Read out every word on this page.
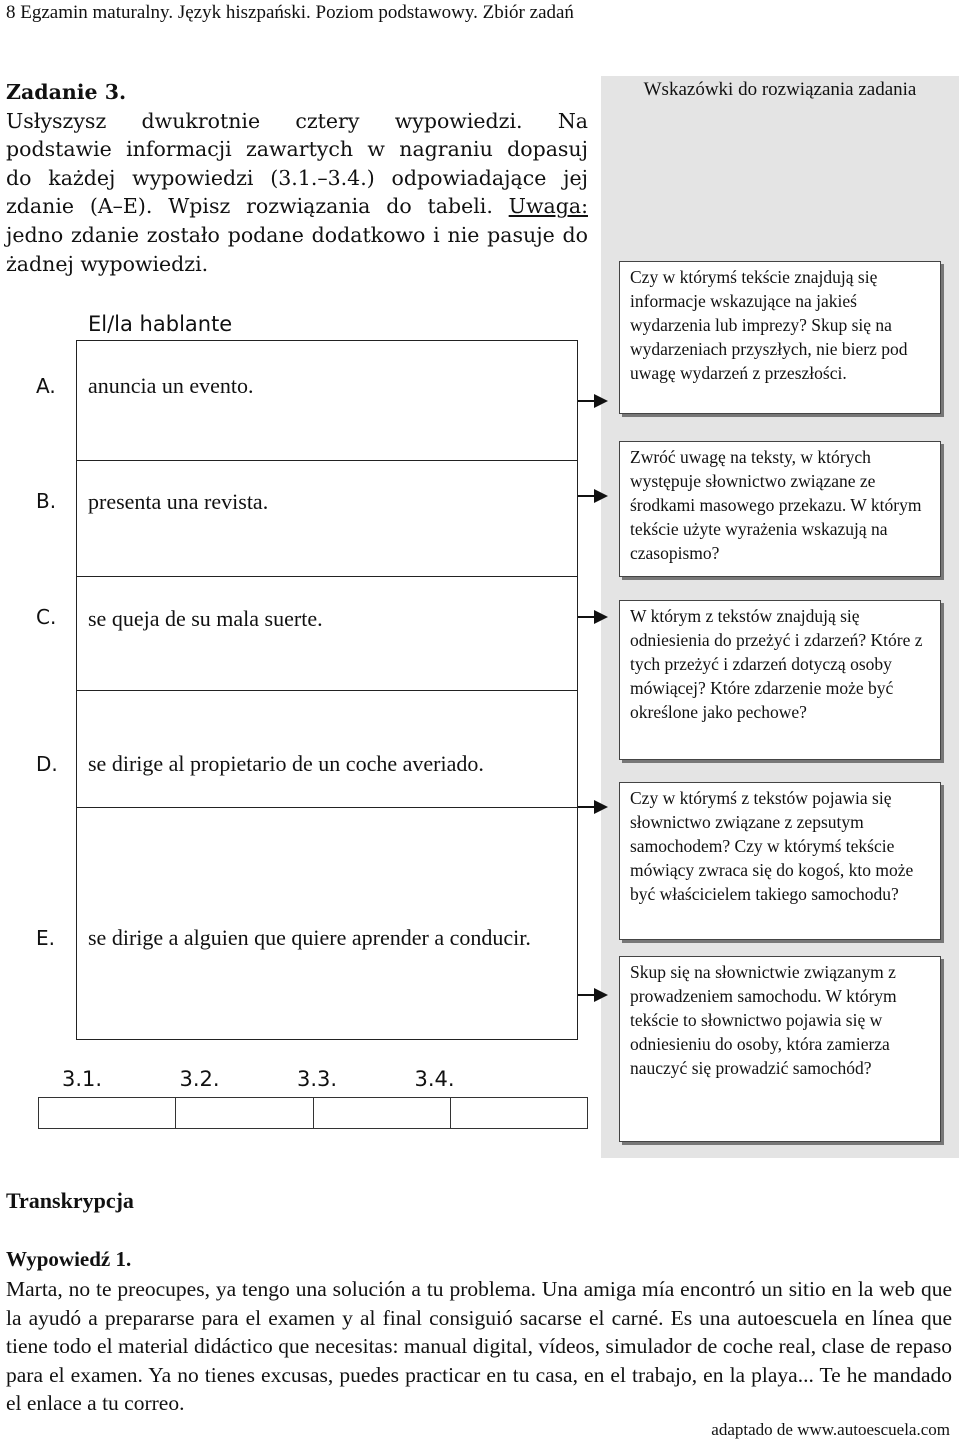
8 Egzamin maturalny. Język hiszpański. Poziom podstawowy. Zbiór zadań
Zadanie 3.
Usłyszysz dwukrotnie cztery wypowiedzi. Na
podstawie informacji zawartych w nagraniu dopasuj
do każdej wypowiedzi (3.1.–3.4.) odpowiadające jej
zdanie (A–E). Wpisz rozwiązania do tabeli. Uwaga:
jedno zdanie zostało podane dodatkowo i nie pasuje do
żadnej wypowiedzi.
El/la hablante
A.	anuncia un evento.
B.	presenta una revista.
C.	se queja de su mala suerte.
D.	se dirige al propietario de un coche averiado.
E.	se dirige a alguien que quiere aprender a conducir.
3.1.	3.2.	3.3.	3.4.
Wskazówki do rozwiązania zadania
Czy w którymś tekście znajdują się informacje wskazujące na jakieś wydarzenia lub imprezy? Skup się na wydarzeniach przyszłych, nie bierz pod uwagę wydarzeń z przeszłości.
Zwróć uwagę na teksty, w których występuje słownictwo związane ze środkami masowego przekazu. W którym tekście użyte wyrażenia wskazują na czasopismo?
W którym z tekstów znajdują się odniesienia do przeżyć i zdarzeń? Które z tych przeżyć i zdarzeń dotyczą osoby mówiącej? Które zdarzenie może być określone jako pechowe?
Czy w którymś z tekstów pojawia się słownictwo związane z zepsutym samochodem? Czy w którymś tekście mówiący zwraca się do kogoś, kto może być właścicielem takiego samochodu?
Skup się na słownictwie związanym z prowadzeniem samochodu. W którym tekście to słownictwo pojawia się w odniesieniu do osoby, która zamierza nauczyć się prowadzić samochód?
Transkrypcja
Wypowiedź 1.
Marta, no te preocupes, ya tengo una solución a tu problema. Una amiga mía encontró un sitio en la web que la ayudó a prepararse para el examen y al final consiguió sacarse el carné. Es una autoescuela en línea que tiene todo el material didáctico que necesitas: manual digital, vídeos, simulador de coche real, clase de repaso para el examen. Ya no tienes excusas, puedes practicar en tu casa, en el trabajo, en la playa... Te he mandado el enlace a tu correo.
adaptado de www.autoescuela.com
